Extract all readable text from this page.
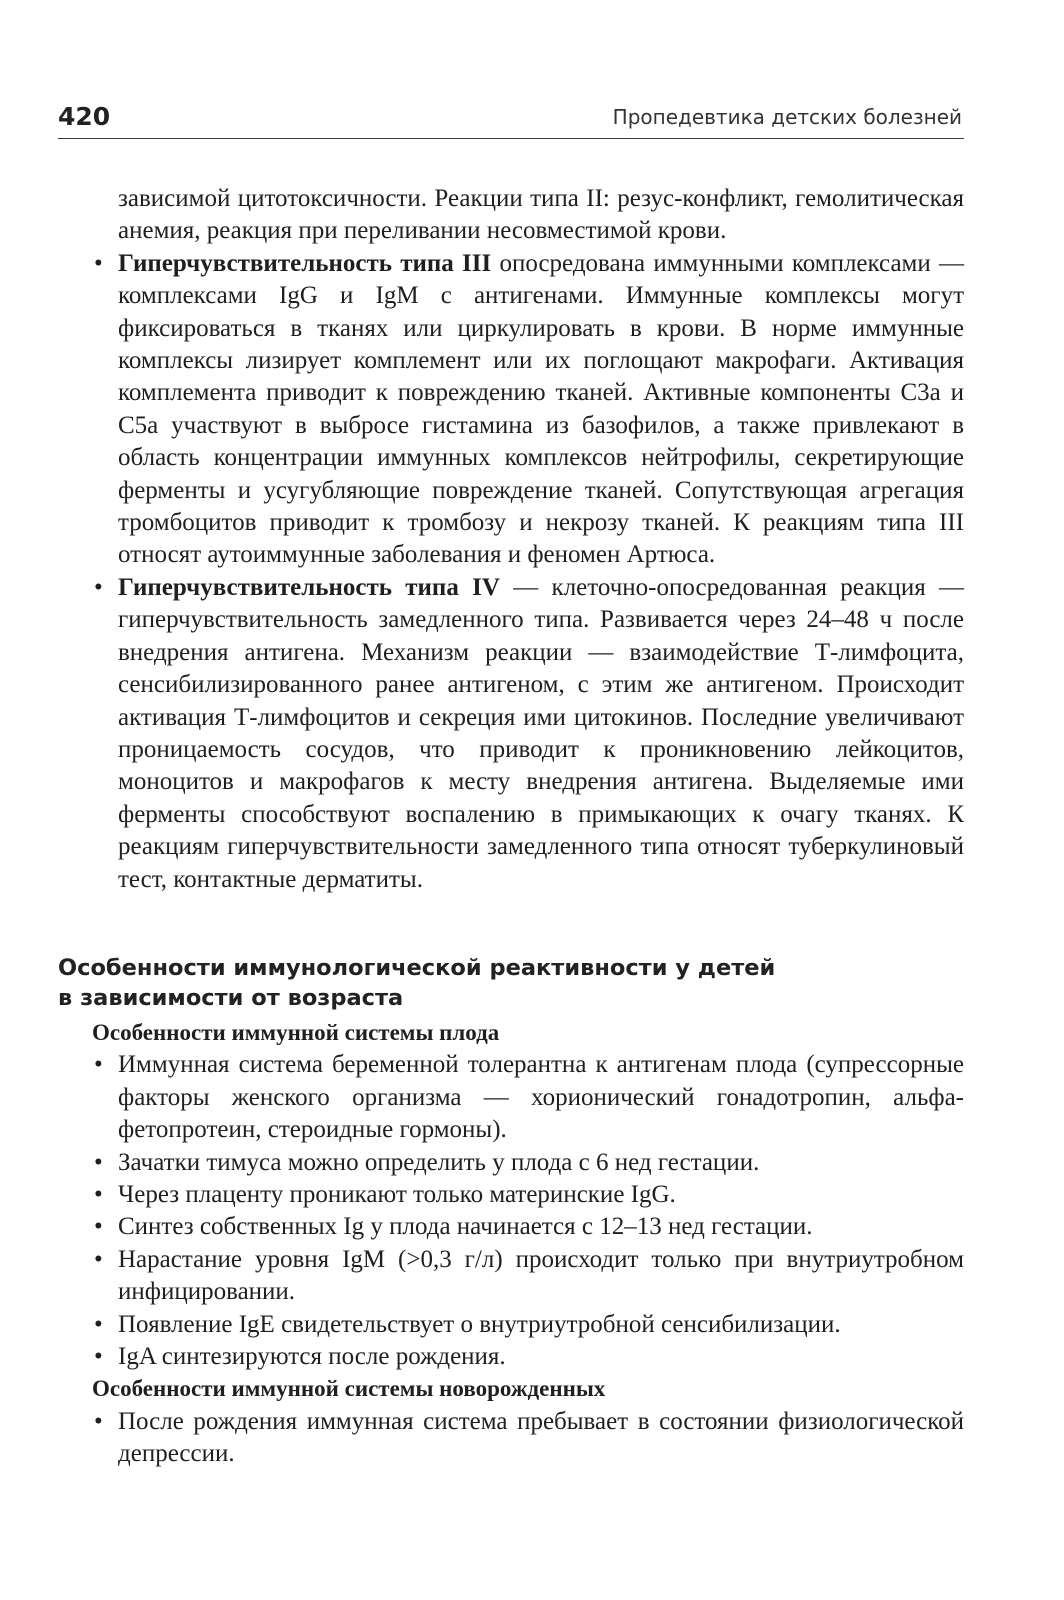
420	Пропедевтика детских болезней

зависимой цитотоксичности. Реакции типа II: резус-конфликт, гемолитическая анемия, реакция при переливании несовместимой крови.

• Гиперчувствительность типа III опосредована иммунными комплексами — комплексами IgG и IgM с антигенами. Иммунные комплексы могут фиксироваться в тканях или циркулировать в крови. В норме иммунные комплексы лизирует комплемент или их поглощают макрофаги. Активация комплемента приводит к повреждению тканей. Активные компоненты С3а и С5а участвуют в выбросе гистамина из базофилов, а также привлекают в область концентрации иммунных комплексов нейтрофилы, секретирующие ферменты и усугубляющие повреждение тканей. Сопутствующая агрегация тромбоцитов приводит к тромбозу и некрозу тканей. К реакциям типа III относят аутоиммунные заболевания и феномен Артюса.
• Гиперчувствительность типа IV — клеточно-опосредованная реакция — гиперчувствительность замедленного типа. Развивается через 24–48 ч после внедрения антигена. Механизм реакции — взаимодействие Т-лимфоцита, сенсибилизированного ранее антигеном, с этим же антигеном. Происходит активация Т-лимфоцитов и секреция ими цитокинов. Последние увеличивают проницаемость сосудов, что приводит к проникновению лейкоцитов, моноцитов и макрофагов к месту внедрения антигена. Выделяемые ими ферменты способствуют воспалению в примыкающих к очагу тканях. К реакциям гиперчувствительности замедленного типа относят туберкулиновый тест, контактные дерматиты.
Особенности иммунологической реактивности у детей
в зависимости от возраста

Особенности иммунной системы плода

• Иммунная система беременной толерантна к антигенам плода (супрессорные факторы женского организма — хорионический гонадотропин, альфа-фетопротеин, стероидные гормоны).
• Зачатки тимуса можно определить у плода с 6 нед гестации.
• Через плаценту проникают только материнские IgG.
• Синтез собственных Ig у плода начинается с 12–13 нед гестации.
• Нарастание уровня IgM (>0,3 г/л) происходит только при внутриутробном инфицировании.
• Появление IgE свидетельствует о внутриутробной сенсибилизации.
• IgA синтезируются после рождения.

Особенности иммунной системы новорожденных

• После рождения иммунная система пребывает в состоянии физиологической депрессии.
